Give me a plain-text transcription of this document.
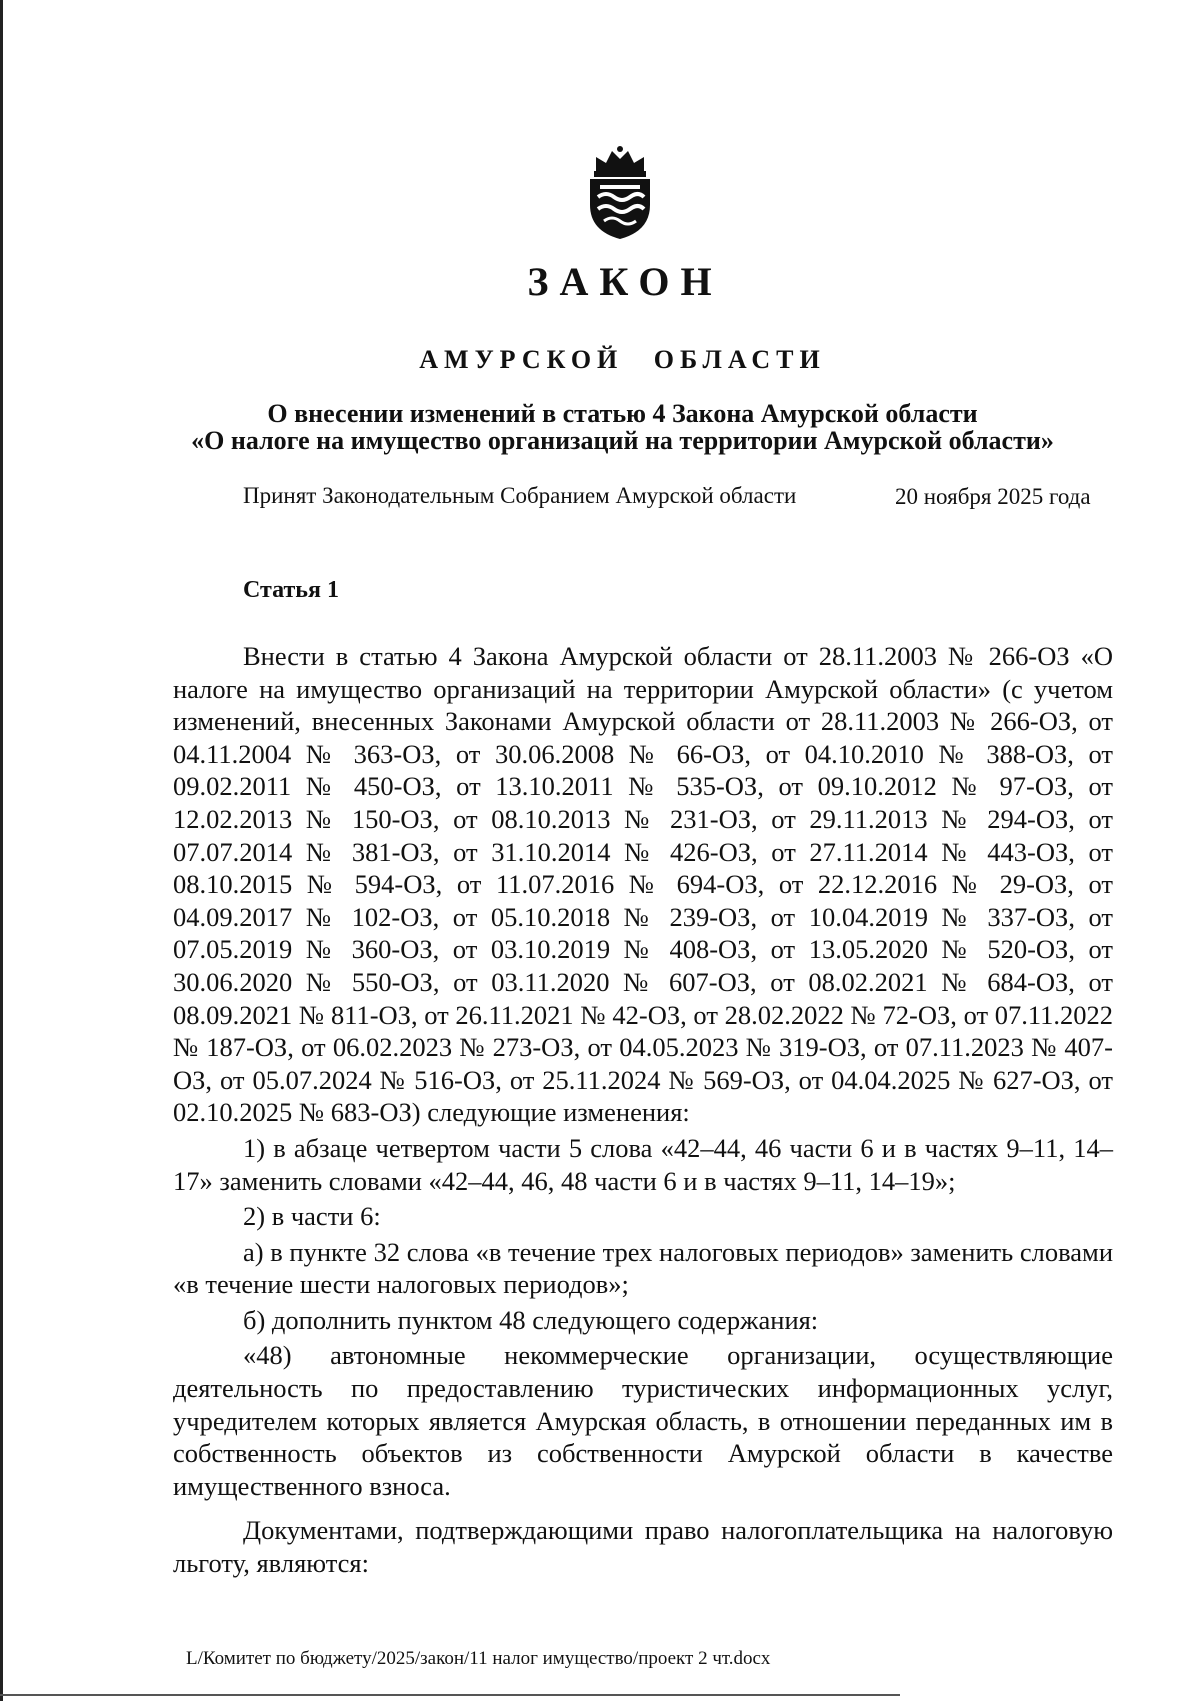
ЗАКОН
АМУРСКОЙ ОБЛАСТИ
О внесении изменений в статью 4 Закона Амурской области
«О налоге на имущество организаций на территории Амурской области»
Принят Законодательным Собранием Амурской области	20 ноября 2025 года
Статья 1

Внести в статью 4 Закона Амурской области от 28.11.2003 № 266-ОЗ «О налоге на имущество организаций на территории Амурской области» (с учетом изменений, внесенных Законами Амурской области от 28.11.2003 № 266-ОЗ, от 04.11.2004 № 363-ОЗ, от 30.06.2008 № 66-ОЗ, от 04.10.2010 № 388-ОЗ, от 09.02.2011 № 450-ОЗ, от 13.10.2011 № 535-ОЗ, от 09.10.2012 № 97-ОЗ, от 12.02.2013 № 150-ОЗ, от 08.10.2013 № 231-ОЗ, от 29.11.2013 № 294-ОЗ, от 07.07.2014 № 381-ОЗ, от 31.10.2014 № 426-ОЗ, от 27.11.2014 № 443-ОЗ, от 08.10.2015 № 594-ОЗ, от 11.07.2016 № 694-ОЗ, от 22.12.2016 № 29-ОЗ, от 04.09.2017 № 102-ОЗ, от 05.10.2018 № 239-ОЗ, от 10.04.2019 № 337-ОЗ, от 07.05.2019 № 360-ОЗ, от 03.10.2019 № 408-ОЗ, от 13.05.2020 № 520-ОЗ, от 30.06.2020 № 550-ОЗ, от 03.11.2020 № 607-ОЗ, от 08.02.2021 № 684-ОЗ, от 08.09.2021 № 811-ОЗ, от 26.11.2021 № 42-ОЗ, от 28.02.2022 № 72-ОЗ, от 07.11.2022 № 187-ОЗ, от 06.02.2023 № 273-ОЗ, от 04.05.2023 № 319-ОЗ, от 07.11.2023 № 407-ОЗ, от 05.07.2024 № 516-ОЗ, от 25.11.2024 № 569-ОЗ, от 04.04.2025 № 627-ОЗ, от 02.10.2025 № 683-ОЗ) следующие изменения:

1) в абзаце четвертом части 5 слова «42–44, 46 части 6 и в частях 9–11, 14–17» заменить словами «42–44, 46, 48 части 6 и в частях 9–11, 14–19»;

2) в части 6:

а) в пункте 32 слова «в течение трех налоговых периодов» заменить словами «в течение шести налоговых периодов»;

б) дополнить пунктом 48 следующего содержания:

«48) автономные некоммерческие организации, осуществляющие деятельность по предоставлению туристических информационных услуг, учредителем которых является Амурская область, в отношении переданных им в собственность объектов из собственности Амурской области в качестве имущественного взноса.

Документами, подтверждающими право налогоплательщика на налоговую льготу, являются:

L/Комитет по бюджету/2025/закон/11 налог имущество/проект 2 чт.docx
